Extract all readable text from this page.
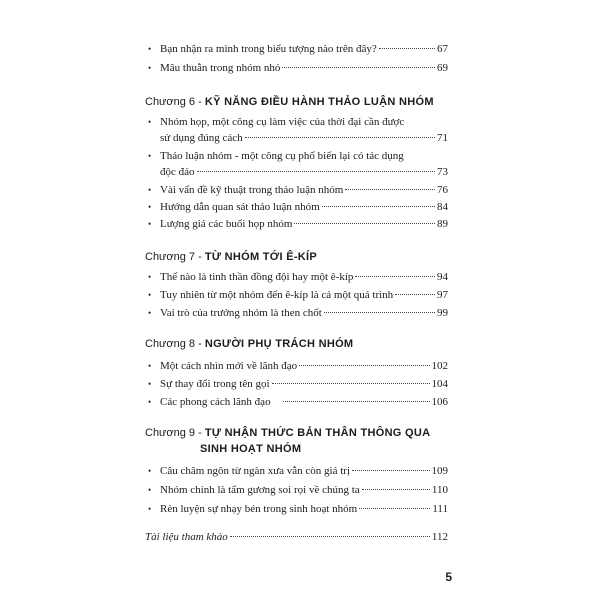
• Bạn nhận ra mình trong biểu tượng nào trên đây?	67
• Mâu thuẫn trong nhóm nhỏ	69
Chương 6 - KỸ NĂNG ĐIỀU HÀNH THẢO LUẬN NHÓM
• Nhóm họp, một công cụ làm việc của thời đại cần được
sử dụng đúng cách	71
• Thảo luận nhóm - một công cụ phổ biến lại có tác dụng
độc đáo	73
• Vài vấn đề kỹ thuật trong thảo luận nhóm	76
• Hướng dẫn quan sát thảo luận nhóm	84
• Lượng giá các buổi họp nhóm	89
Chương 7 - TỪ NHÓM TỚI Ê-KÍP
• Thế nào là tinh thần đồng đội hay một ê-kíp	94
• Tuy nhiên từ một nhóm đến ê-kíp là cả một quá trình	97
• Vai trò của trưởng nhóm là then chốt	99
Chương 8 - NGƯỜI PHỤ TRÁCH NHÓM
• Một cách nhìn mới về lãnh đạo	102
• Sự thay đổi trong tên gọi	104
• Các phong cách lãnh đạo	106
Chương 9 - TỰ NHẬN THỨC BẢN THÂN THÔNG QUA
SINH HOẠT NHÓM
• Câu châm ngôn từ ngàn xưa vẫn còn giá trị	109
• Nhóm chính là tấm gương soi rọi về chúng ta	110
• Rèn luyện sự nhạy bén trong sinh hoạt nhóm	111
Tài liệu tham khảo	112
5
